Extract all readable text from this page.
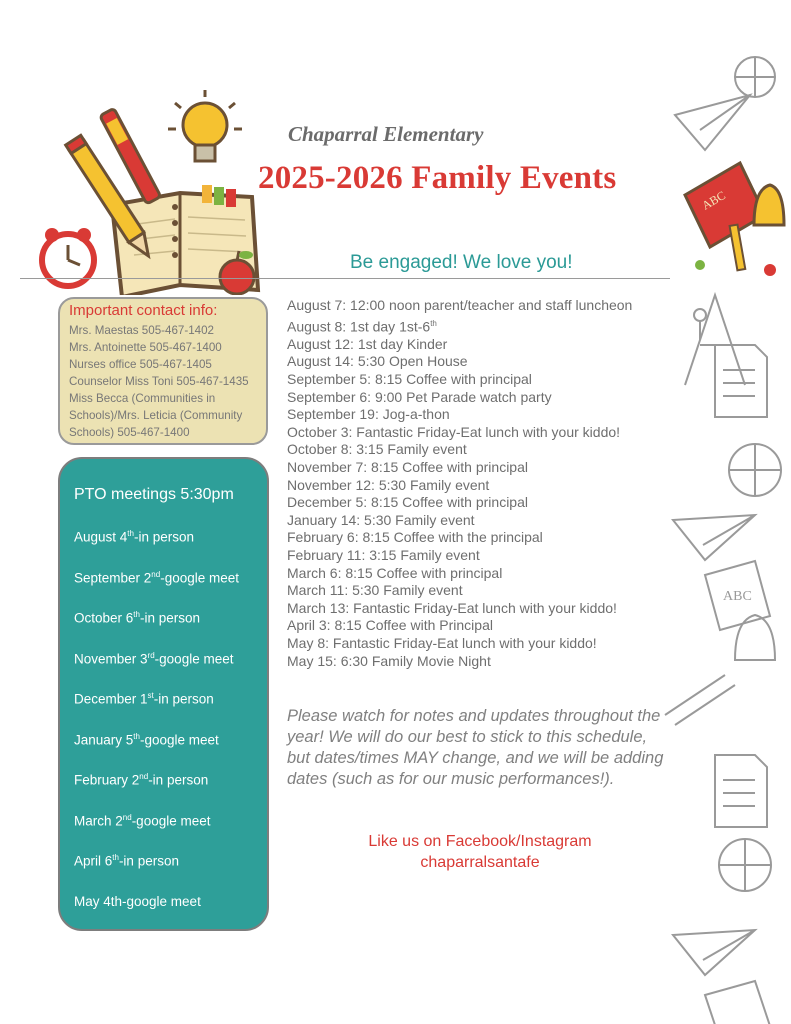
ABC
ABC
Chaparral Elementary
2025-2026 Family Events
Be engaged! We love you!
Important contact info:
Mrs. Maestas 505-467-1402
Mrs. Antoinette 505-467-1400
Nurses office 505-467-1405
Counselor Miss Toni 505-467-1435
Miss Becca (Communities in
Schools)/Mrs. Leticia (Community
Schools) 505-467-1400
PTO meetings 5:30pm
August 4th-in person
September 2nd-google meet
October 6th-in person
November 3rd-google meet
December 1st-in person
January 5th-google meet
February 2nd-in person
March 2nd-google meet
April 6th-in person
May 4th-google meet
August 7: 12:00 noon parent/teacher and staff luncheon
August 8: 1st day 1st-6th
August 12: 1st day Kinder
August 14: 5:30 Open House
September 5: 8:15 Coffee with principal
September 6: 9:00 Pet Parade watch party
September 19: Jog-a-thon
October 3: Fantastic Friday-Eat lunch with your kiddo!
October 8: 3:15 Family event
November 7: 8:15 Coffee with principal
November 12: 5:30 Family event
December 5: 8:15 Coffee with principal
January 14: 5:30 Family event
February 6: 8:15 Coffee with the principal
February 11: 3:15 Family event
March 6: 8:15 Coffee with principal
March 11: 5:30 Family event
March 13: Fantastic Friday-Eat lunch with your kiddo!
April 3: 8:15 Coffee with Principal
May 8: Fantastic Friday-Eat lunch with your kiddo!
May 15: 6:30 Family Movie Night
Please watch for notes and updates throughout the year! We will do our best to stick to this schedule, but dates/times MAY change, and we will be adding dates (such as for our music performances!).
Like us on Facebook/Instagram
chaparralsantafe
